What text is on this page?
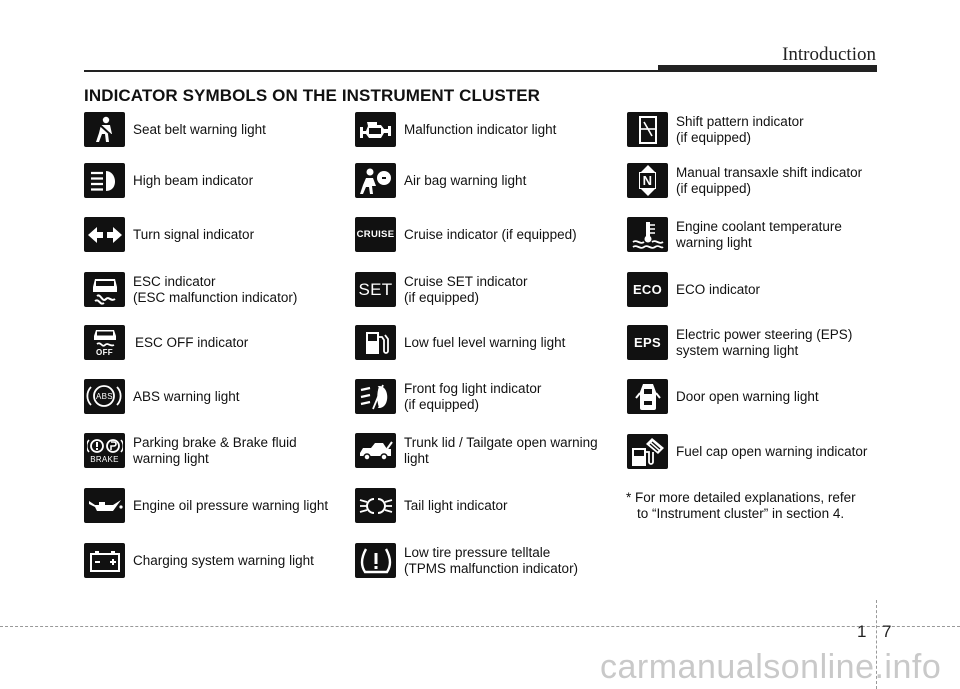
Introduction
INDICATOR SYMBOLS ON THE INSTRUMENT CLUSTER
Seat belt warning light
High beam indicator
Turn signal indicator
ESC indicator
(ESC malfunction indicator)
OFF
ESC OFF indicator
ABS ABS warning light
BRAKE
Parking brake & Brake fluid
warning light
Engine oil pressure warning light
Charging system warning light
Malfunction indicator light
Air bag warning light
CRUISE Cruise indicator (if equipped)
SET Cruise SET indicator
(if equipped)
Low fuel level warning light
Front fog light indicator
(if equipped)
Trunk lid / Tailgate open warning
light
Tail light indicator
Low tire pressure telltale
(TPMS malfunction indicator)
Shift pattern indicator
(if equipped)
N
Manual transaxle shift indicator
(if equipped)
Engine coolant temperature
warning light
ECO ECO indicator
EPS
Electric power steering (EPS)
system warning light
Door open warning light
Fuel cap open warning indicator
* For more detailed explanations, refer
to “Instrument cluster” in section 4.
1 7
carmanualsonline.info
